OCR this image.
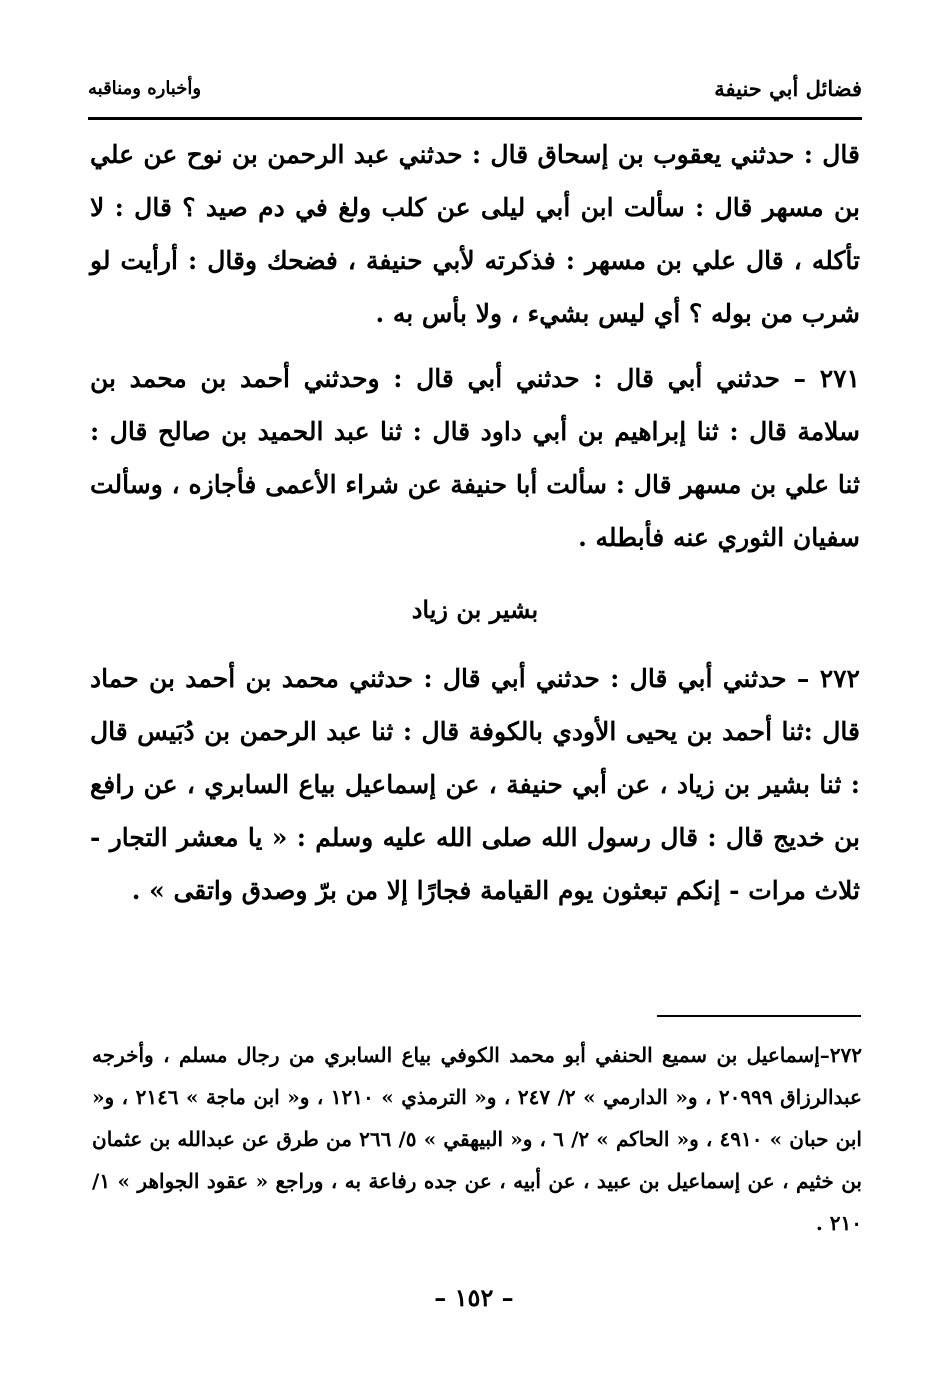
فضائل أبي حنيفة
وأخباره ومناقبه

قال : حدثني يعقوب بن إسحاق قال : حدثني عبد الرحمن بن نوح عن علي بن مسهر قال : سألت ابن أبي ليلى عن كلب ولغ في دم صيد ؟ قال : لا تأكله ، قال علي بن مسهر : فذكرته لأبي حنيفة ، فضحك وقال : أرأيت لو شرب من بوله ؟ أي ليس بشيء ، ولا بأس به .

٢٧١ – حدثني أبي قال : حدثني أبي قال : وحدثني أحمد بن محمد بن سلامة قال : ثنا إبراهيم بن أبي داود قال : ثنا عبد الحميد بن صالح قال : ثنا علي بن مسهر قال : سألت أبا حنيفة عن شراء الأعمى فأجازه ، وسألت سفيان الثوري عنه فأبطله .

بشير بن زياد

٢٧٢ – حدثني أبي قال : حدثني أبي قال : حدثني محمد بن أحمد بن حماد قال :ثنا أحمد بن يحيى الأودي بالكوفة قال : ثنا عبد الرحمن بن دُبَيس قال : ثنا بشير بن زياد ، عن أبي حنيفة ، عن إسماعيل بياع السابري ، عن رافع بن خديج قال : قال رسول الله صلى الله عليه وسلم : « يا معشر التجار - ثلاث مرات - إنكم تبعثون يوم القيامة فجارًا إلا من برّ وصدق واتقى » .

٢٧٢–إسماعيل بن سميع الحنفي أبو محمد الكوفي بياع السابري من رجال مسلم ، وأخرجه عبدالرزاق ٢٠٩٩٩ ، و« الدارمي » ٢/ ٢٤٧ ، و« الترمذي » ١٢١٠ ، و« ابن ماجة » ٢١٤٦ ، و« ابن حبان » ٤٩١٠ ، و« الحاكم » ٢/ ٦ ، و« البيهقي » ٥/ ٢٦٦ من طرق عن عبدالله بن عثمان بن خثيم ، عن إسماعيل بن عبيد ، عن أبيه ، عن جده رفاعة به ، وراجع « عقود الجواهر » ١/ ٢١٠ .

– ١٥٢ –
